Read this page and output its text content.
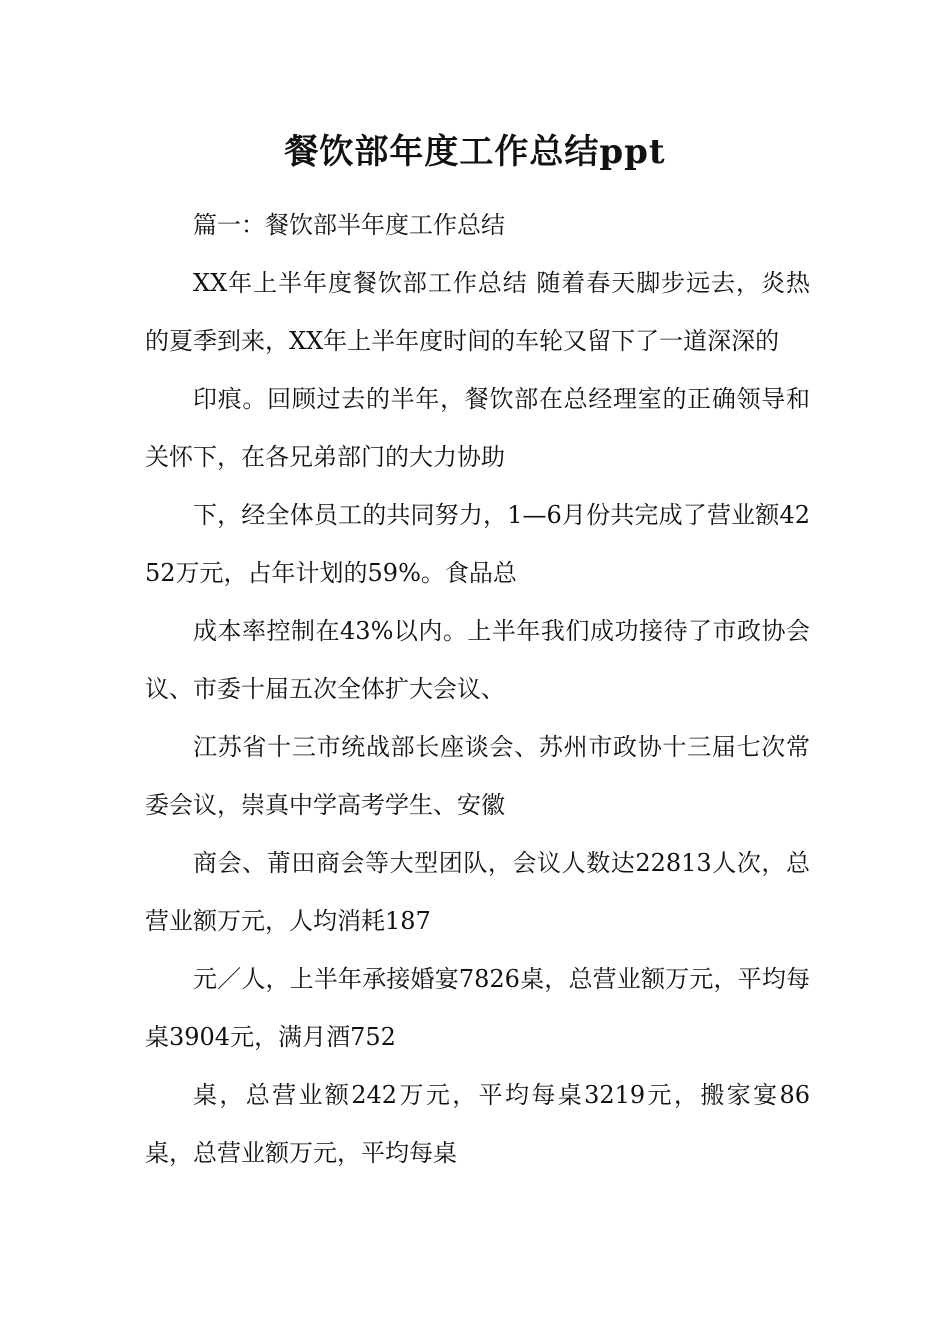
餐饮部年度工作总结ppt

篇一：餐饮部半年度工作总结

XX年上半年度餐饮部工作总结 随着春天脚步远去，炎热的夏季到来，XX年上半年度时间的车轮又留下了一道深深的

印痕。回顾过去的半年，餐饮部在总经理室的正确领导和关怀下，在各兄弟部门的大力协助

下，经全体员工的共同努力，1—6月份共完成了营业额4252万元，占年计划的59%。食品总

成本率控制在43%以内。上半年我们成功接待了市政协会议、市委十届五次全体扩大会议、

江苏省十三市统战部长座谈会、苏州市政协十三届七次常委会议，崇真中学高考学生、安徽

商会、莆田商会等大型团队，会议人数达22813人次，总营业额万元，人均消耗187

元／人，上半年承接婚宴7826桌，总营业额万元，平均每桌3904元，满月酒752

桌，总营业额242万元，平均每桌3219元，搬家宴86桌，总营业额万元，平均每桌
